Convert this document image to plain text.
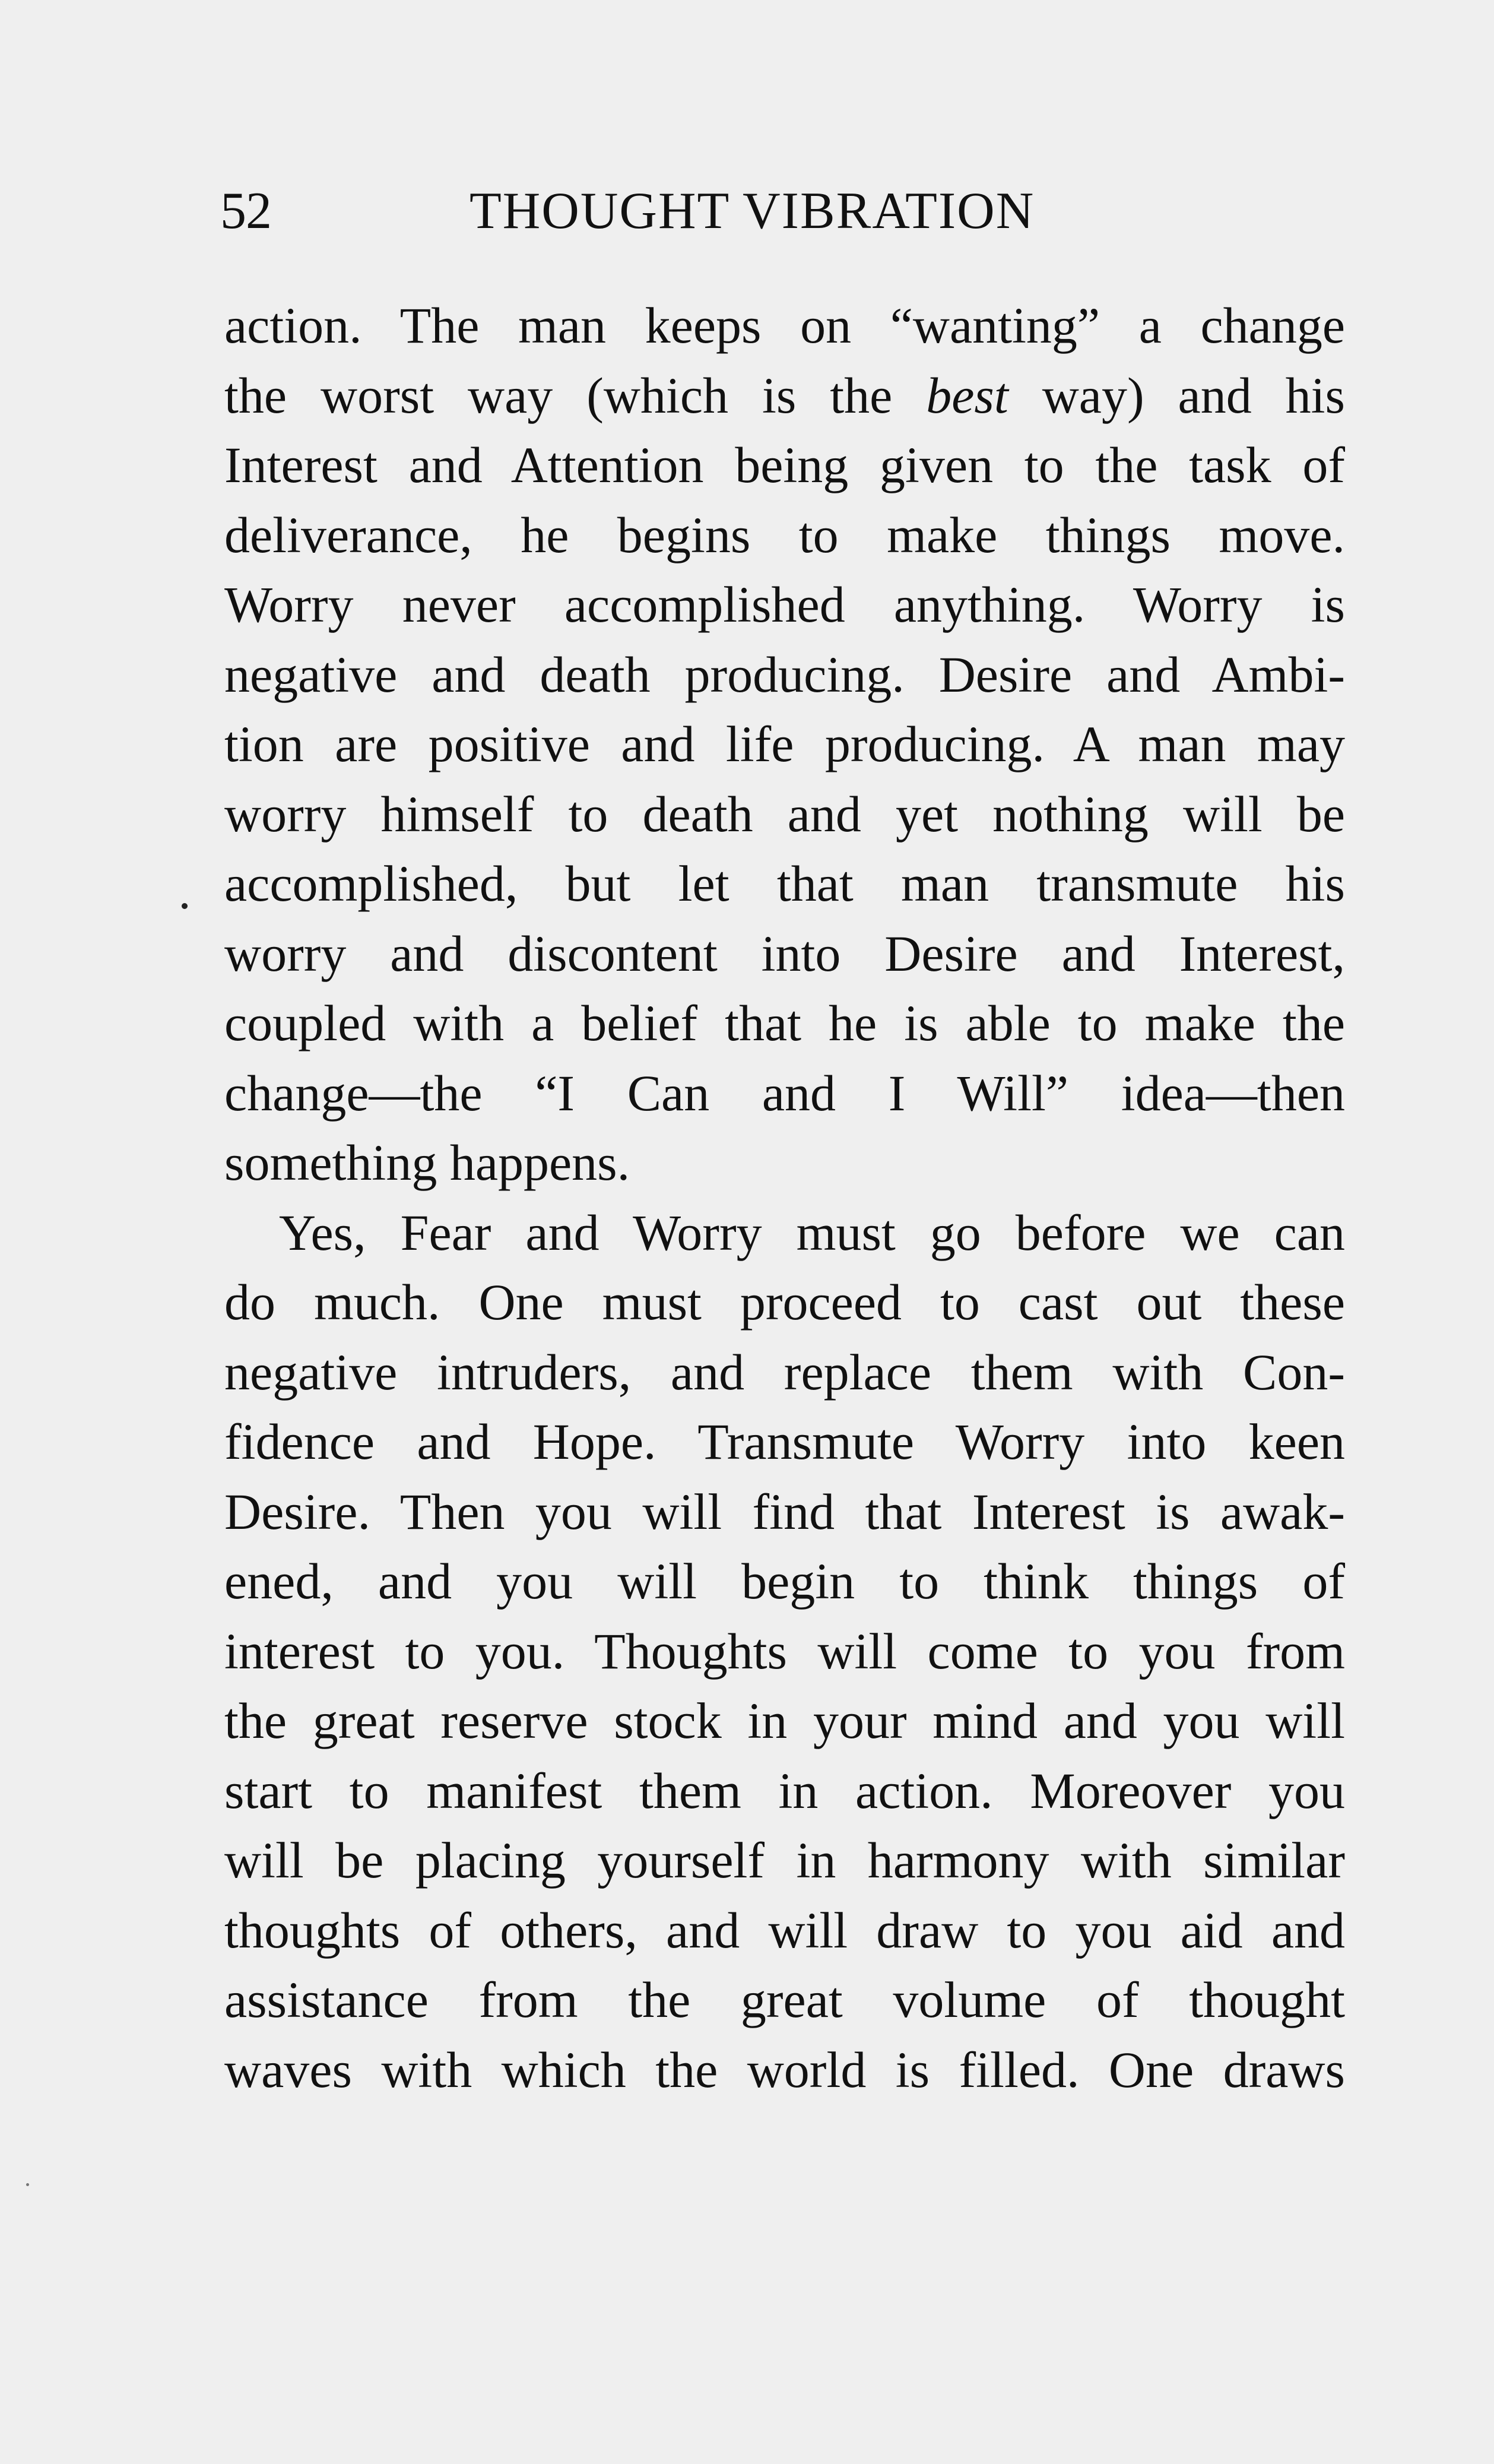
52	THOUGHT VIBRATION
action. The man keeps on “wanting” a change
the worst way (which is the best way) and his
Interest and Attention being given to the task of
deliverance, he begins to make things move.
Worry never accomplished anything. Worry is
negative and death producing. Desire and Ambi-
tion are positive and life producing. A man may
worry himself to death and yet nothing will be
accomplished, but let that man transmute his
worry and discontent into Desire and Interest,
coupled with a belief that he is able to make the
change—the “I Can and I Will” idea—then
something happens.
Yes, Fear and Worry must go before we can
do much. One must proceed to cast out these
negative intruders, and replace them with Con-
fidence and Hope. Transmute Worry into keen
Desire. Then you will find that Interest is awak-
ened, and you will begin to think things of
interest to you. Thoughts will come to you from
the great reserve stock in your mind and you will
start to manifest them in action. Moreover you
will be placing yourself in harmony with similar
thoughts of others, and will draw to you aid and
assistance from the great volume of thought
waves with which the world is filled. One draws
